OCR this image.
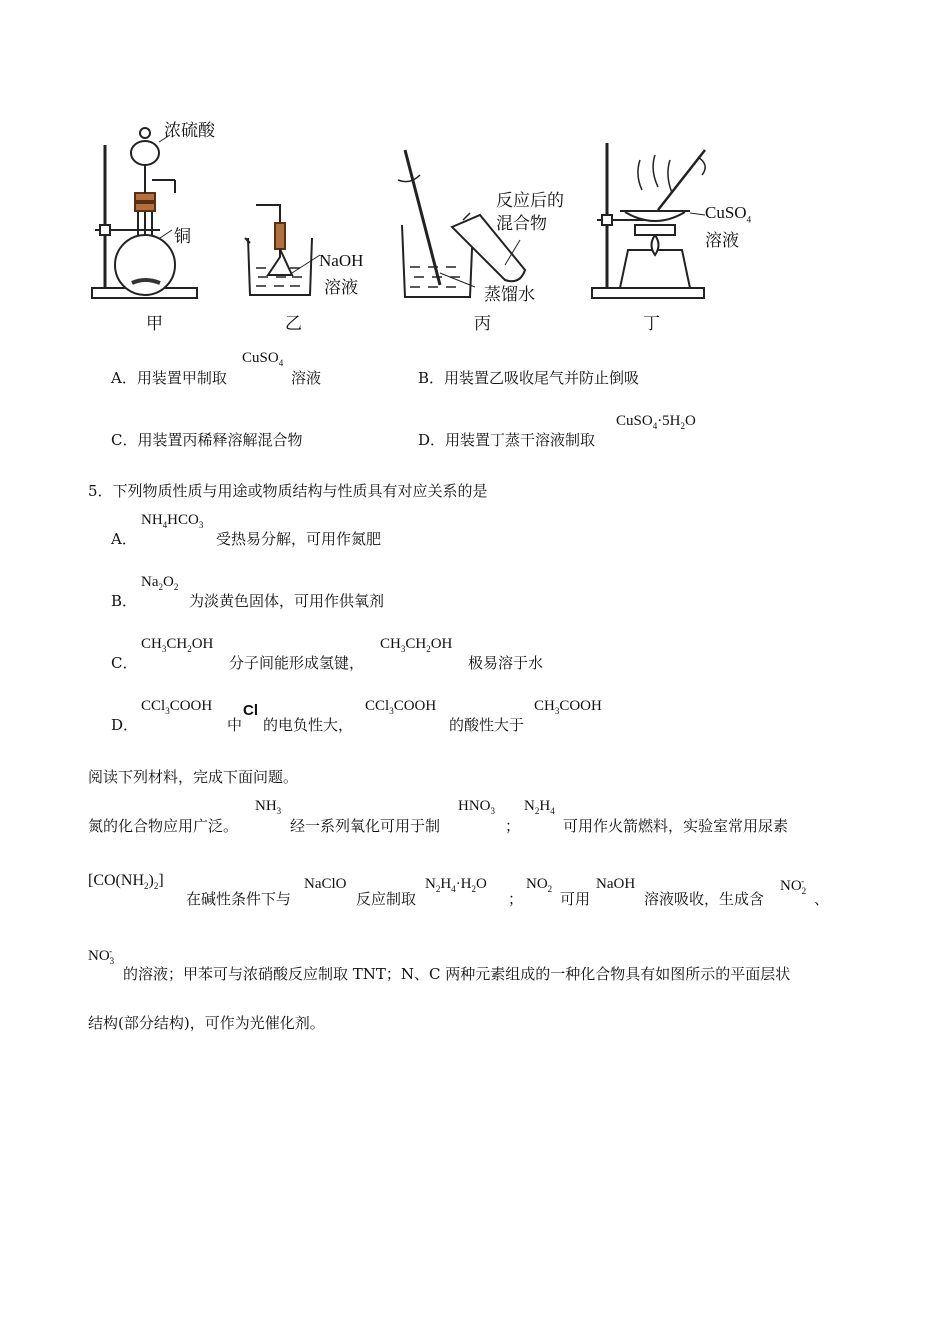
浓硫酸
铜
NaOH
溶液
反应后的
混合物
蒸馏水
CuSO$_4$
溶液
甲	乙	丙	丁
A．用装置甲制取
CuSO$_4$
溶液	B．用装置乙吸收尾气并防止倒吸
C．用装置丙稀释溶解混合物	D．用装置丁蒸干溶液制取
$CuSO_4\cdot 5H_2O$
5．下列物质性质与用途或物质结构与性质具有对应关系的是
A．
$NH_4HCO_3$
受热易分解，可用作氮肥
B．
$Na_2O_2$
为淡黄色固体，可用作供氧剂
C．
$CH_3CH_2OH$
分子间能形成氢键，
$CH_3CH_2OH$
极易溶于水
D．
CCl$_3$COOH
中
Cl
的电负性大，
CCl$_3$COOH
的酸性大于
$CH_3COOH$
阅读下列材料，完成下面问题。
氮的化合物应用广泛。
$NH_3$
经一系列氧化可用于制
$HNO_3$
；
$N_2H_4$
可用作火箭燃料，实验室常用尿素
$[CO(NH_2)_2]$
在碱性条件下与
NaClO
反应制取
$N_2H_4\cdot H_2O$
；
$NO_2$
可用
NaOH
溶液吸收，生成含
$NO_2^-$
、
$NO_3^-$
的溶液；甲苯可与浓硝酸反应制取 TNT；N、C 两种元素组成的一种化合物具有如图所示的平面层状
结构(部分结构)，可作为光催化剂。
